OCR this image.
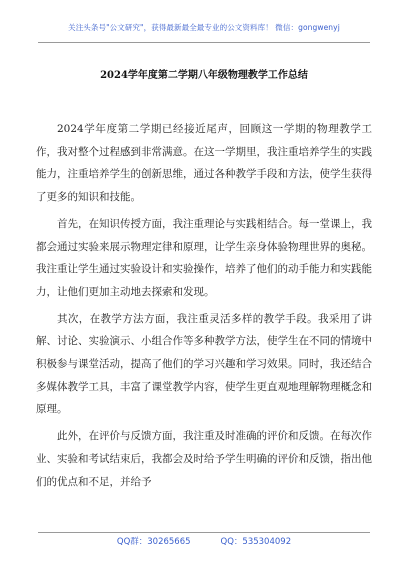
关注头条号"公文研究"，获得最新最全最专业的公文资料库！ 微信：gongwenyj
2024学年度第二学期八年级物理教学工作总结

2024学年度第二学期已经接近尾声，回顾这一学期的物理教学工作，我对整个过程感到非常满意。在这一学期里，我注重培养学生的实践能力，注重培养学生的创新思维，通过各种教学手段和方法，使学生获得了更多的知识和技能。

首先，在知识传授方面，我注重理论与实践相结合。每一堂课上，我都会通过实验来展示物理定律和原理，让学生亲身体验物理世界的奥秘。我注重让学生通过实验设计和实验操作，培养了他们的动手能力和实践能力，让他们更加主动地去探索和发现。

其次，在教学方法方面，我注重灵活多样的教学手段。我采用了讲解、讨论、实验演示、小组合作等多种教学方法，使学生在不同的情境中积极参与课堂活动，提高了他们的学习兴趣和学习效果。同时，我还结合多媒体教学工具，丰富了课堂教学内容，使学生更直观地理解物理概念和原理。

此外，在评价与反馈方面，我注重及时准确的评价和反馈。在每次作业、实验和考试结束后，我都会及时给予学生明确的评价和反馈，指出他们的优点和不足，并给予

QQ群：30265665	QQ：535304092
